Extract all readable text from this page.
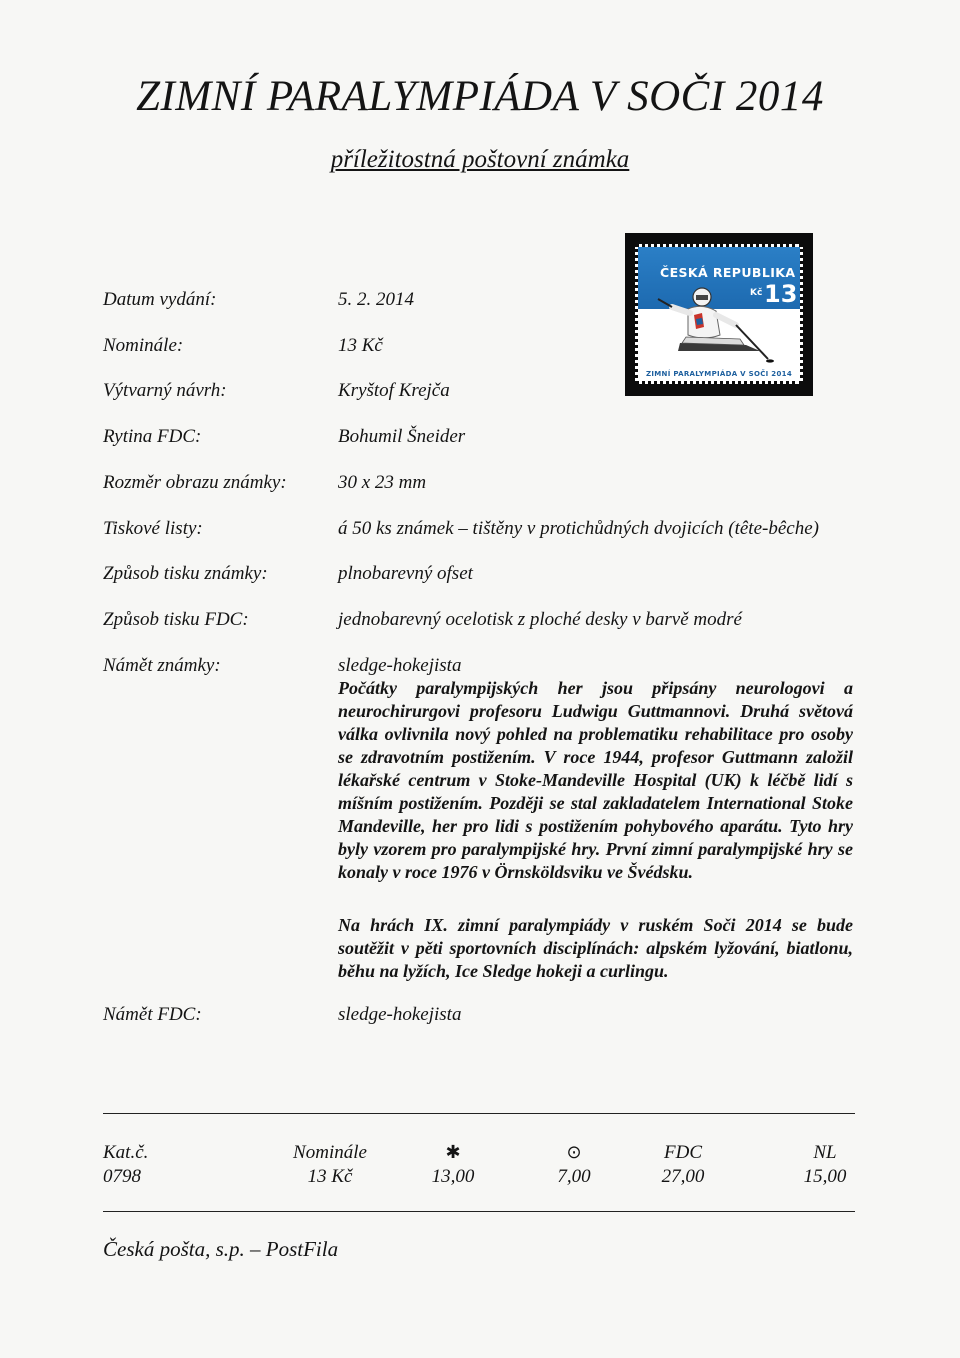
ZIMNÍ PARALYMPIÁDA V SOČI 2014
příležitostná poštovní známka
ČESKÁ REPUBLIKA
Kč 13
ZIMNÍ PARALYMPIÁDA V SOČI 2014
Datum vydání:	5. 2. 2014
Nominále:	13 Kč
Výtvarný návrh:	Kryštof Krejča
Rytina FDC:	Bohumil Šneider
Rozměr obrazu známky:	30 x 23 mm
Tiskové listy:	á 50 ks známek – tištěny v protichůdných dvojicích (tête-bêche)
Způsob tisku známky:	plnobarevný ofset
Způsob tisku FDC:	jednobarevný ocelotisk z ploché desky v barvě modré
Námět známky:	sledge-hokejista
Počátky paralympijských her jsou připsány neurologovi a neurochirurgovi profesoru Ludwigu Guttmannovi. Druhá světová válka ovlivnila nový pohled na problematiku rehabilitace pro osoby se zdravotním postižením. V roce 1944, profesor Guttmann založil lékařské centrum v Stoke-Mandeville Hospital (UK) k léčbě lidí s míšním postižením. Později se stal zakladatelem International Stoke Mandeville, her pro lidi s postižením pohybového aparátu. Tyto hry byly vzorem pro paralympijské hry. První zimní paralympijské hry se konaly v roce 1976 v Örnsköldsviku ve Švédsku.
Na hrách IX. zimní paralympiády v ruském Soči 2014 se bude soutěžit v pěti sportovních disciplínách: alpském lyžování, biatlonu, běhu na lyžích, Ice Sledge hokeji a curlingu.
Námět FDC:	sledge-hokejista
Kat.č.	Nominále	✱	⊙	FDC	NL
0798	13 Kč	13,00	7,00	27,00	15,00
Česká pošta, s.p. – PostFila
